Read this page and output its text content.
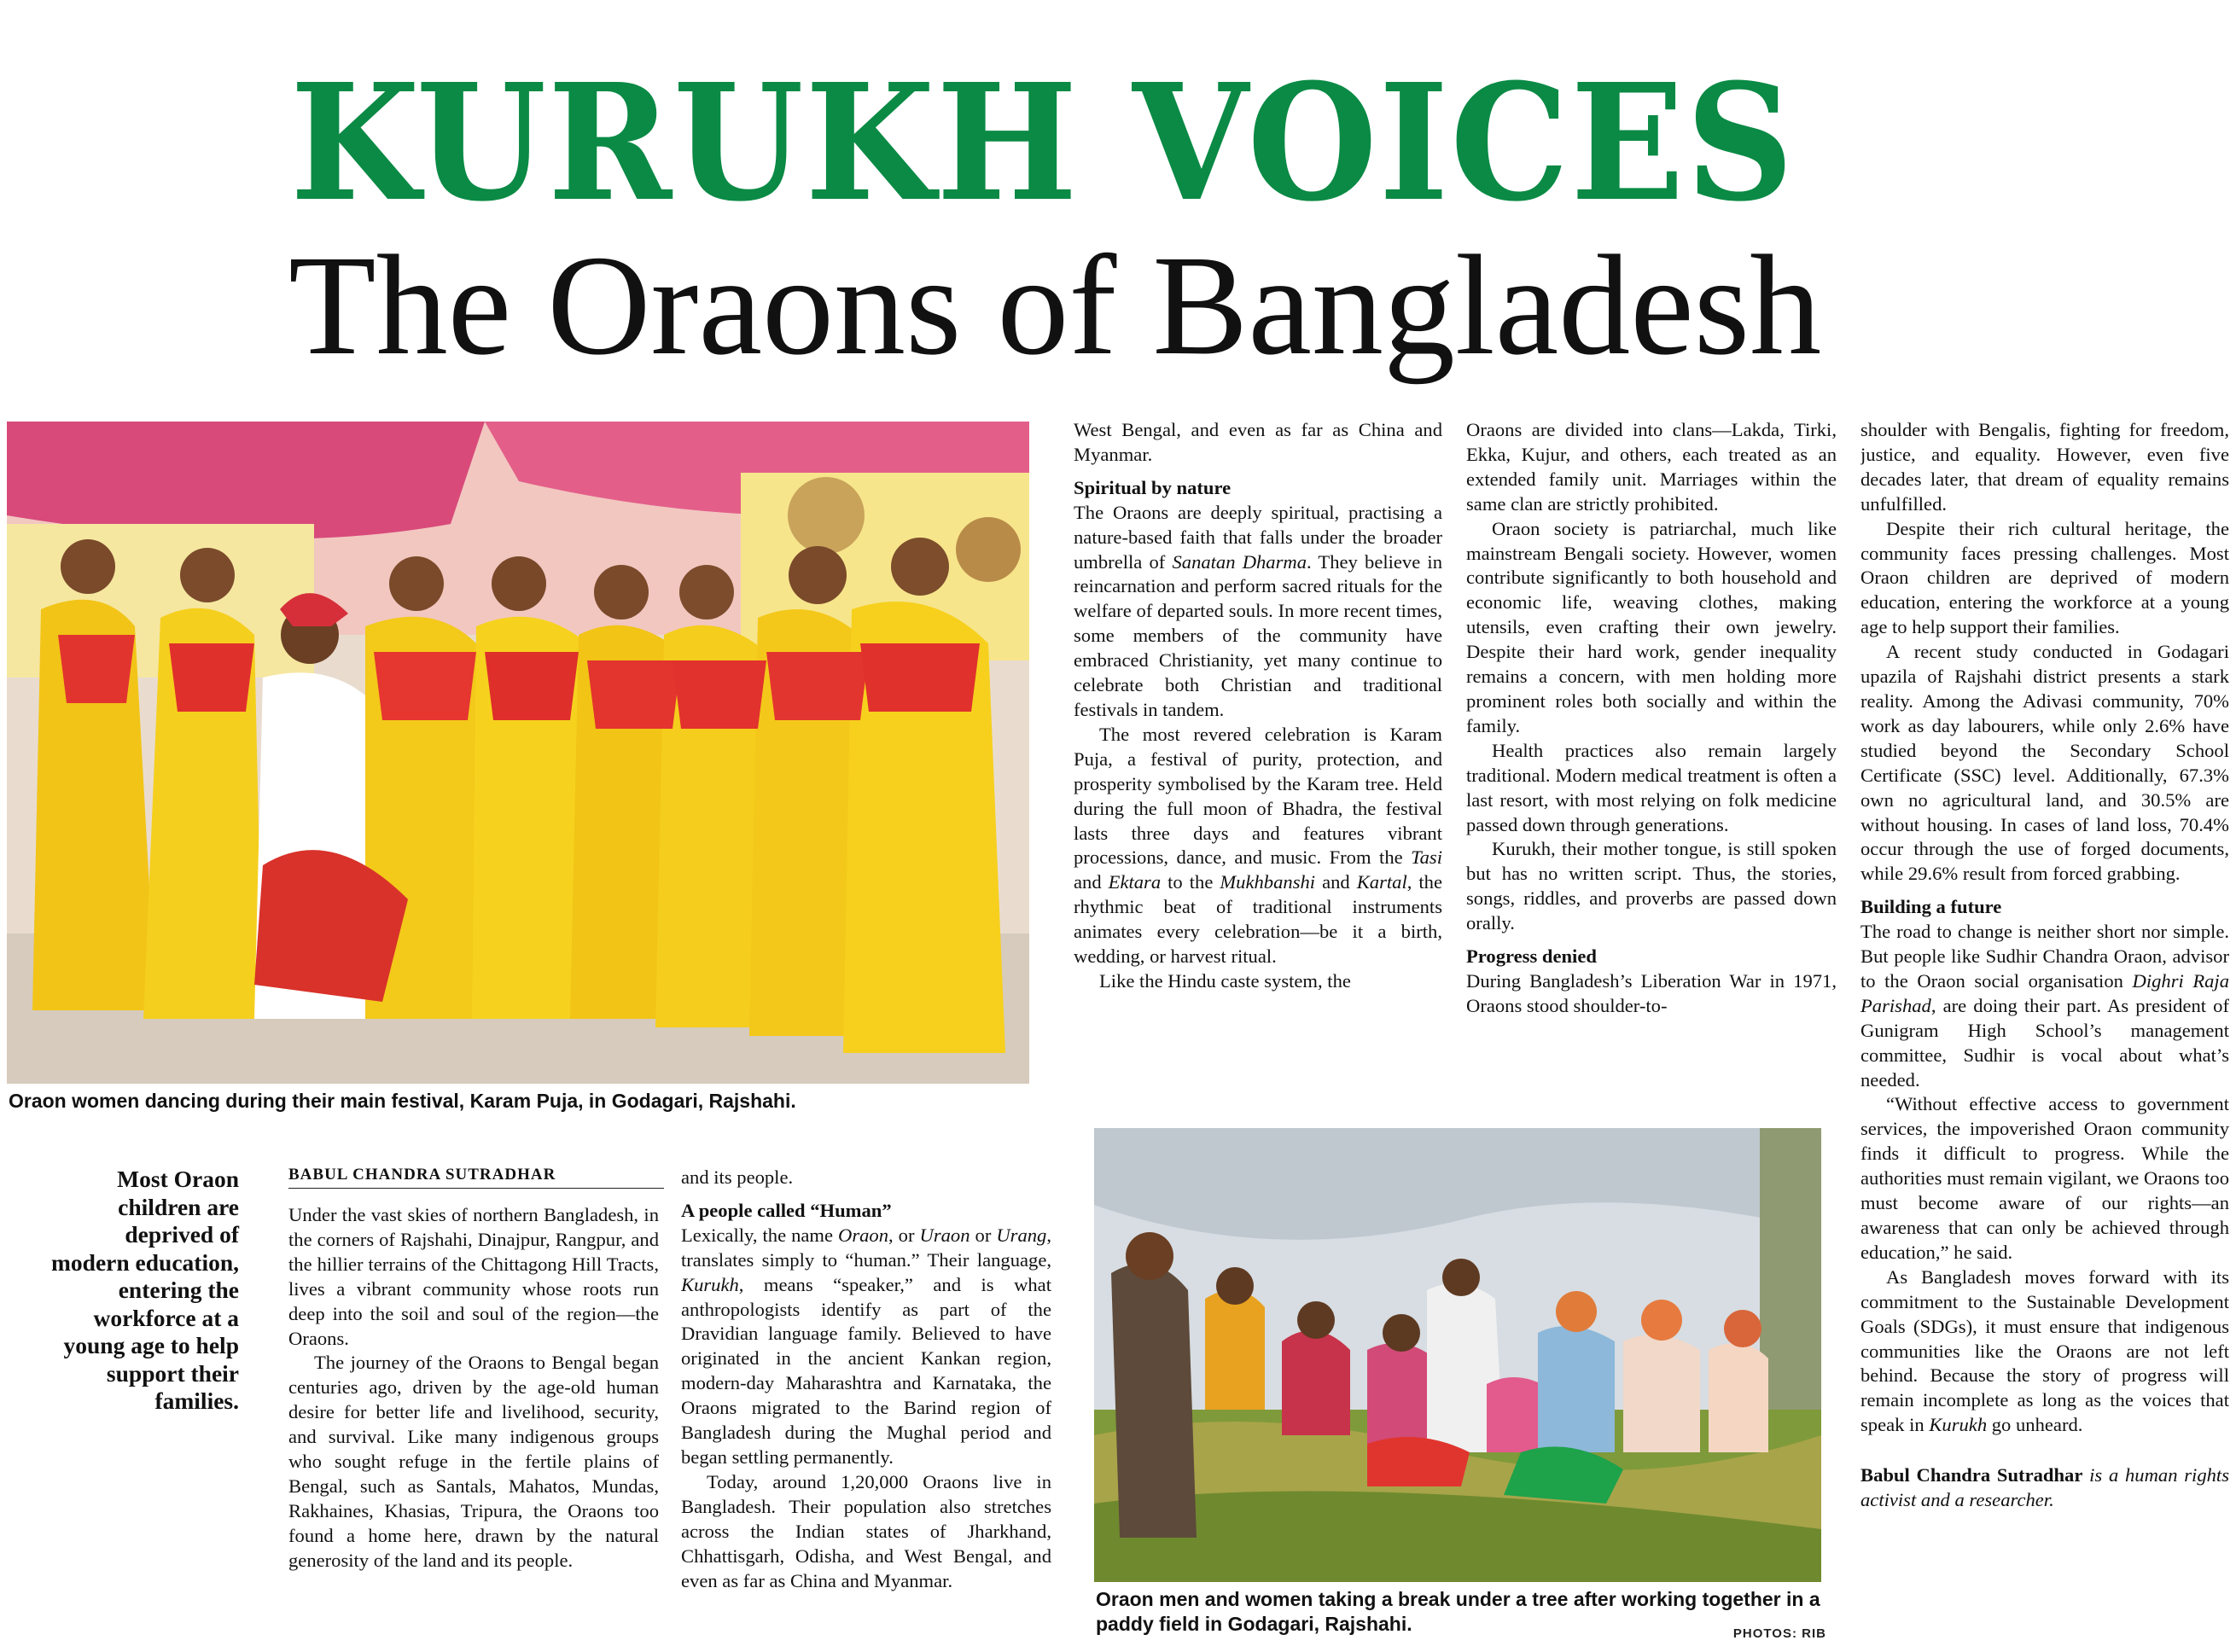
KURUKH VOICES
The Oraons of Bangladesh
Oraon women dancing during their main festival, Karam Puja, in Godagari, Rajshahi.
Oraon men and women taking a break under a tree after working together in a paddy field in Godagari, Rajshahi.	PHOTOS: RIB
Most Oraon children are deprived of modern education, entering the workforce at a young age to help support their families.
BABUL CHANDRA SUTRADHAR

Under the vast skies of northern Bangladesh, in the corners of Rajshahi, Dinajpur, Rangpur, and the hillier terrains of the Chittagong Hill Tracts, lives a vibrant community whose roots run deep into the soil and soul of the region—the Oraons.

The journey of the Oraons to Bengal began centuries ago, driven by the age-old human desire for better life and livelihood, security, and survival. Like many indigenous groups who sought refuge in the fertile plains of Bengal, such as Santals, Mahatos, Mundas, Rakhaines, Khasias, Tripura, the Oraons too found a home here, drawn by the natural generosity of the land and its people.

and its people.

A people called “Human”

Lexically, the name Oraon, or Uraon or Urang, translates simply to “human.” Their language, Kurukh, means “speaker,” and is what anthropologists identify as part of the Dravidian language family. Believed to have originated in the ancient Kankan region, modern-day Maharashtra and Karnataka, the Oraons migrated to the Barind region of Bangladesh during the Mughal period and began settling permanently.

Today, around 1,20,000 Oraons live in Bangladesh. Their population also stretches across the Indian states of Jharkhand, Chhattisgarh, Odisha, and West Bengal, and even as far as China and Myanmar.

West Bengal, and even as far as China and Myanmar.

Spiritual by nature

The Oraons are deeply spiritual, practising a nature-based faith that falls under the broader umbrella of Sanatan Dharma. They believe in reincarnation and perform sacred rituals for the welfare of departed souls. In more recent times, some members of the community have embraced Christianity, yet many continue to celebrate both Christian and traditional festivals in tandem.

The most revered celebration is Karam Puja, a festival of purity, protection, and prosperity symbolised by the Karam tree. Held during the full moon of Bhadra, the festival lasts three days and features vibrant processions, dance, and music. From the Tasi and Ektara to the Mukhbanshi and Kartal, the rhythmic beat of traditional instruments animates every celebration—be it a birth, wedding, or harvest ritual.

Like the Hindu caste system, the

Oraons are divided into clans—Lakda, Tirki, Ekka, Kujur, and others, each treated as an extended family unit. Marriages within the same clan are strictly prohibited.

Oraon society is patriarchal, much like mainstream Bengali society. However, women contribute significantly to both household and economic life, weaving clothes, making utensils, even crafting their own jewelry. Despite their hard work, gender inequality remains a concern, with men holding more prominent roles both socially and within the family.

Health practices also remain largely traditional. Modern medical treatment is often a last resort, with most relying on folk medicine passed down through generations.

Kurukh, their mother tongue, is still spoken but has no written script. Thus, the stories, songs, riddles, and proverbs are passed down orally.

Progress denied

During Bangladesh’s Liberation War in 1971, Oraons stood shoulder-to-

shoulder with Bengalis, fighting for freedom, justice, and equality. However, even five decades later, that dream of equality remains unfulfilled.

Despite their rich cultural heritage, the community faces pressing challenges. Most Oraon children are deprived of modern education, entering the workforce at a young age to help support their families.

A recent study conducted in Godagari upazila of Rajshahi district presents a stark reality. Among the Adivasi community, 70% work as day labourers, while only 2.6% have studied beyond the Secondary School Certificate (SSC) level. Additionally, 67.3% own no agricultural land, and 30.5% are without housing. In cases of land loss, 70.4% occur through the use of forged documents, while 29.6% result from forced grabbing.

Building a future

The road to change is neither short nor simple. But people like Sudhir Chandra Oraon, advisor to the Oraon social organisation Dighri Raja Parishad, are doing their part. As president of Gunigram High School’s management committee, Sudhir is vocal about what’s needed.

“Without effective access to government services, the impoverished Oraon community finds it difficult to progress. While the authorities must remain vigilant, we Oraons too must become aware of our rights—an awareness that can only be achieved through education,” he said.

As Bangladesh moves forward with its commitment to the Sustainable Development Goals (SDGs), it must ensure that indigenous communities like the Oraons are not left behind. Because the story of progress will remain incomplete as long as the voices that speak in Kurukh go unheard.

Babul Chandra Sutradhar is a human rights activist and a researcher.
